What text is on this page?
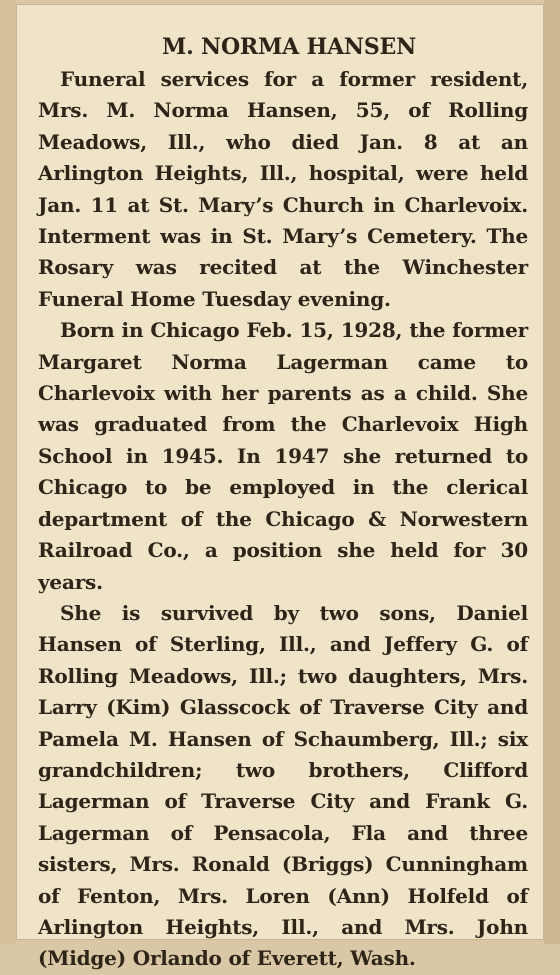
M. NORMA HANSEN

Funeral services for a former resident, Mrs. M. Norma Hansen, 55, of Rolling Meadows, Ill., who died Jan. 8 at an Arlington Heights, Ill., hospital, were held Jan. 11 at St. Mary’s Church in Charlevoix. Interment was in St. Mary’s Cemetery. The Rosary was recited at the Winchester Funeral Home Tuesday evening.

Born in Chicago Feb. 15, 1928, the former Margaret Norma Lagerman came to Charlevoix with her parents as a child. She was graduated from the Charlevoix High School in 1945. In 1947 she returned to Chicago to be employed in the clerical department of the Chicago & Norwestern Railroad Co., a position she held for 30 years.

She is survived by two sons, Daniel Hansen of Sterling, Ill., and Jeffery G. of Rolling Meadows, Ill.; two daughters, Mrs. Larry (Kim) Glasscock of Traverse City and Pamela M. Hansen of Schaumberg, Ill.; six grandchildren; two brothers, Clifford Lagerman of Traverse City and Frank G. Lagerman of Pensacola, Fla and three sisters, Mrs. Ronald (Briggs) Cunningham of Fenton, Mrs. Loren (Ann) Holfeld of Arlington Heights, Ill., and Mrs. John (Midge) Orlando of Everett, Wash.
